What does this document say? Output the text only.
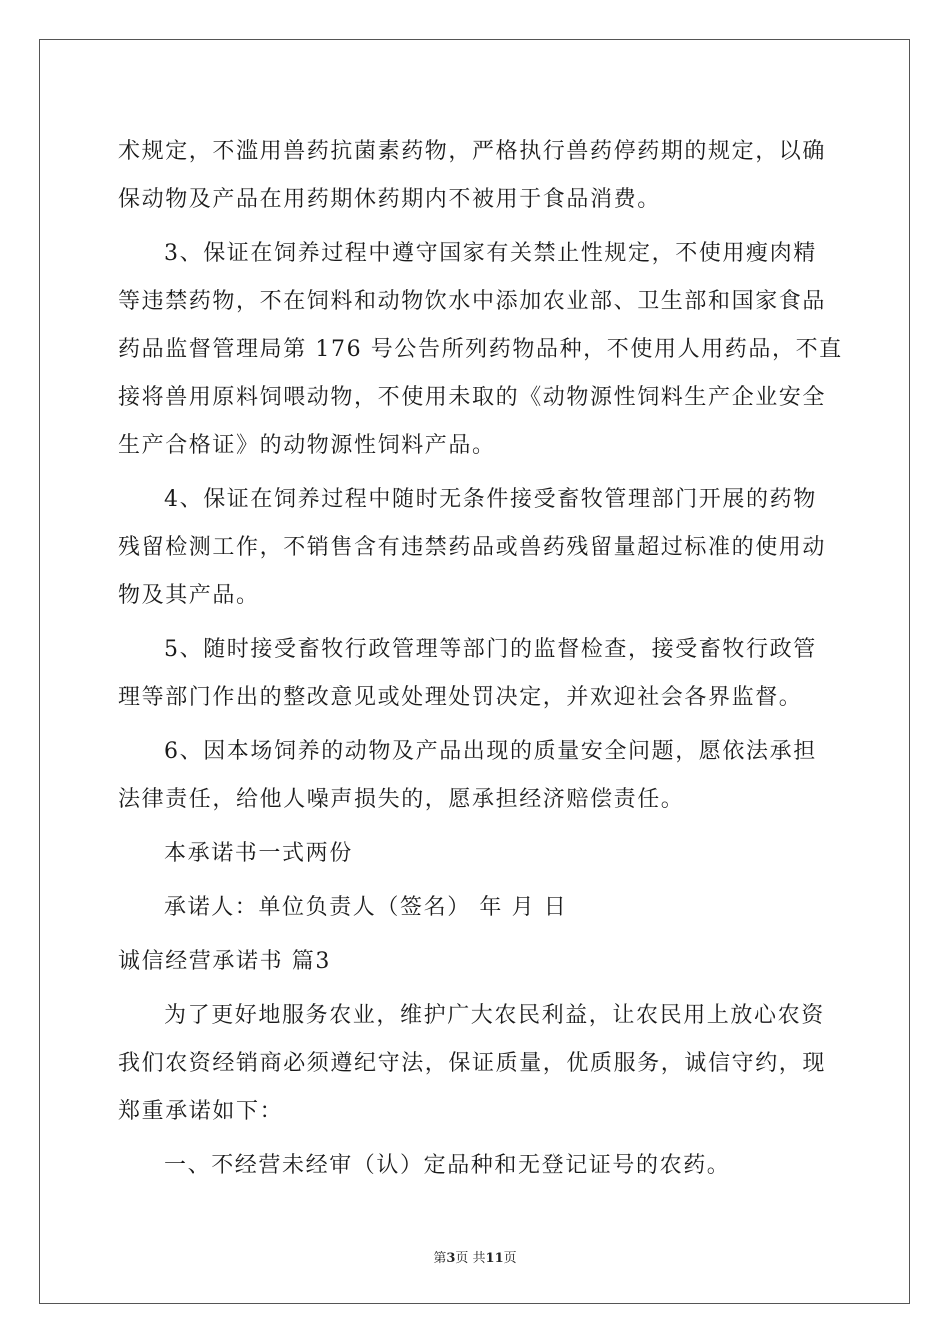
术规定，不滥用兽药抗菌素药物，严格执行兽药停药期的规定，以确
保动物及产品在用药期休药期内不被用于食品消费。
3、保证在饲养过程中遵守国家有关禁止性规定，不使用瘦肉精
等违禁药物，不在饲料和动物饮水中添加农业部、卫生部和国家食品
药品监督管理局第 176 号公告所列药物品种，不使用人用药品，不直
接将兽用原料饲喂动物，不使用未取的《动物源性饲料生产企业安全
生产合格证》的动物源性饲料产品。
4、保证在饲养过程中随时无条件接受畜牧管理部门开展的药物
残留检测工作，不销售含有违禁药品或兽药残留量超过标准的使用动
物及其产品。
5、随时接受畜牧行政管理等部门的监督检查，接受畜牧行政管
理等部门作出的整改意见或处理处罚决定，并欢迎社会各界监督。
6、因本场饲养的动物及产品出现的质量安全问题，愿依法承担
法律责任，给他人噪声损失的，愿承担经济赔偿责任。
本承诺书一式两份
承诺人：单位负责人（签名） 年 月 日
诚信经营承诺书 篇3
为了更好地服务农业，维护广大农民利益，让农民用上放心农资
我们农资经销商必须遵纪守法，保证质量，优质服务，诚信守约，现
郑重承诺如下：
一、不经营未经审（认）定品种和无登记证号的农药。
第3页 共11页
